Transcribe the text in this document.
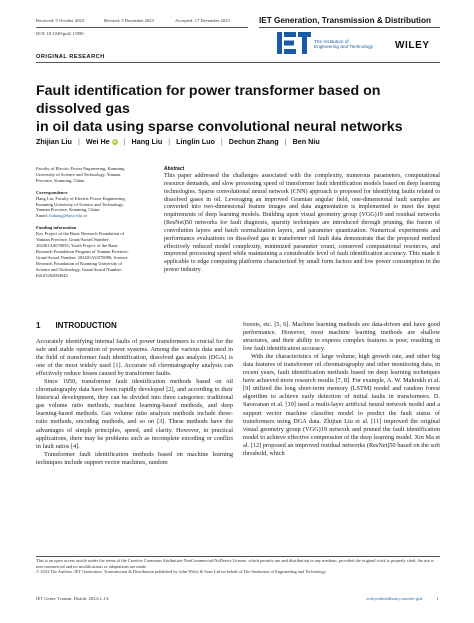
Received: 5 October 2023	Revised: 5 December 2023	Accepted: 17 December 2023	IET Generation, Transmission & Distribution
DOI: 10.1049/gtd2.13090
The Institution of
Engineering and Technology WILEY
ORIGINAL RESEARCH
Fault identification for power transformer based on dissolved gas
in oil data using sparse convolutional neural networks
Zhijian Liu | Wei He iD | Hang Liu | Linglin Luo | Dechun Zhang | Ben Niu
Faculty of Electric Power Engineering, Kunming University of Science and Technology, Yunnan Province, Kunming, China
Correspondence
Hang Liu, Faculty of Electric Power Engineering, Kunming University of Science and Technology, Yunnan Province, Kunming, China.
Email: liuhang@kust.edu.cn
Funding information
Key Project of the Basic Research Foundation of Yunnan Province, Grant/Award Number: 202301AS070055; Youth Project of the Basic Research Foundation Program of Yunnan Province, Grant/Award Number: 202201AU070086; Science Research Foundation of Kunming University of Science and Technology, Grant/Award Number: KKZ3202004042
Abstract
This paper addressed the challenges associated with the complexity, numerous parameters, computational resource demands, and slow processing speed of transformer fault identification models based on deep learning technologies. Sparse convolutional neural network (CNN) approach is proposed for identifying faults related to dissolved gases in oil. Leveraging an improved Gramian angular field, one-dimensional fault samples are converted into two-dimensional feature images and data augmentation is implemented to meet the input requirements of deep learning models. Building upon visual geometry group (VGG)19 and residual networks (ResNet)50 networks for fault diagnosis, sparsity techniques are introduced through pruning, the fusion of convolution layers and batch normalization layers, and parameter quantization. Numerical experiments and performance evaluations on dissolved gas in transformer oil fault data demonstrate that the proposed method effectively reduced model complexity, minimized parameter count, conserved computational resources, and improved processing speed while maintaining a considerable level of fault identification accuracy. This made it applicable to edge computing platforms characterized by small form factors and low power consumption in the power industry.
1 INTRODUCTION

Accurately identifying internal faults of power transformers is crucial for the safe and stable operation of power systems. Among the various data used in the field of transformer fault identification, dissolved gas analysis (DGA) is one of the most widely used [1]. Accurate oil chromatography analysis can effectively reduce losses caused by transformer faults.

Since 1950, transformer fault identification methods based on oil chromatography data have been rapidly developed [2], and according to their historical development, they can be divided into three categories: traditional gas volume ratio methods, machine learning-based methods, and deep learning-based methods. Gas volume ratio analysis methods include three-ratio methods, encoding methods, and so on [3]. These methods have the advantages of simple principles, speed, and clarity. However, in practical applications, there may be problems such as incomplete encoding or conflict in fault ratios [4].

Transformer fault identification methods based on machine learning techniques include support vector machines, random

forests, etc. [5, 6]. Machine learning methods are data-driven and have good performance. However, most machine learning methods are shallow structures, and their ability to express complex features is poor, resulting in low fault identification accuracy.

With the characteristics of large volume, high growth rate, and other big data features of transformer oil chromatography and other monitoring data, in recent years, fault identification methods based on deep learning techniques have achieved more research results [7, 8]. For example, A. W. Mahrukh et al. [9] utilized the long short-term memory (LSTM) model and random forest algorithm to achieve early detection of initial faults in transformers. D. Saravanan et al. [10] used a multi-layer artificial neural network model and a support vector machine classifier model to predict the fault status of transformers using DGA data. Zhijian Liu et al. [11] improved the original visual geometry group (VGG)19 network and pruned the fault identification model to achieve effective compression of the deep learning model. Xin Ma et al. [12] proposed an improved residual networks (ResNet)50 based on the soft threshold, which

This is an open access article under the terms of the Creative Commons Attribution-NonCommercial-NoDerivs License, which permits use and distribution in any medium, provided the original work is properly cited, the use is non-commercial and no modifications or adaptations are made.
© 2023 The Authors. IET Generation, Transmission & Distribution published by John Wiley & Sons Ltd on behalf of The Institution of Engineering and Technology.
IET Gener. Transm. Distrib. 2023;1–13.	wileyonlinelibrary.com/iet-gtd	1
